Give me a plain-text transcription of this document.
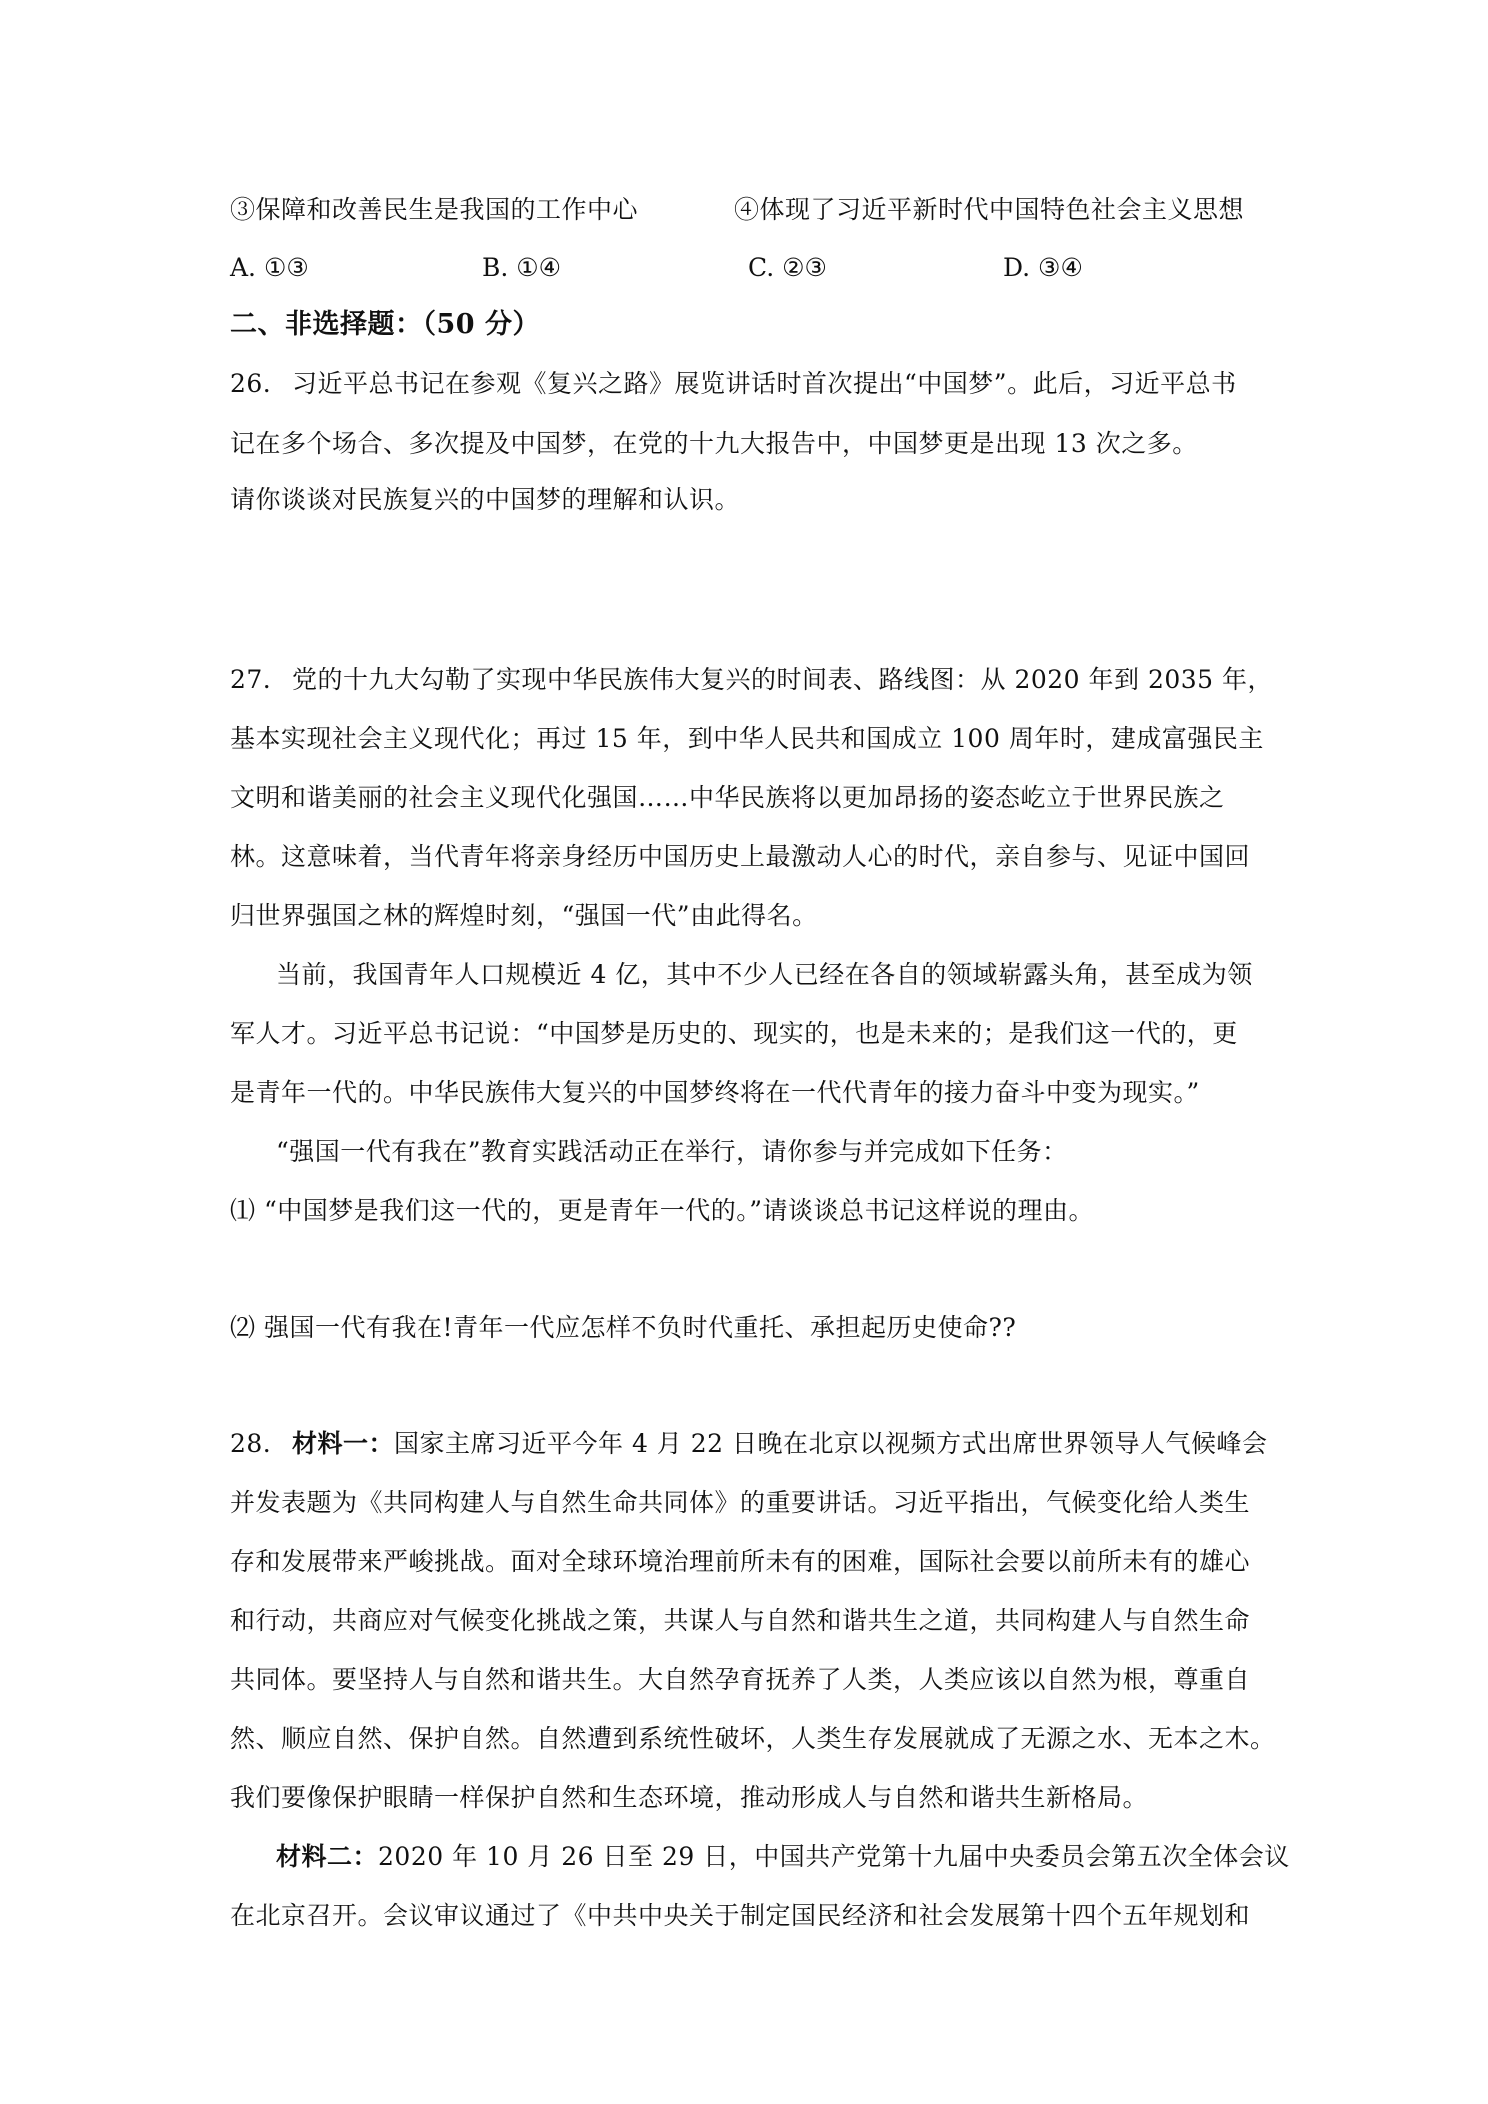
③保障和改善民生是我国的工作中心	④体现了习近平新时代中国特色社会主义思想
A. ①③	B. ①④	C. ②③	D. ③④
二、非选择题：（50 分）
26. 习近平总书记在参观《复兴之路》展览讲话时首次提出“中国梦”。此后，习近平总书
记在多个场合、多次提及中国梦，在党的十九大报告中，中国梦更是出现 13 次之多。
请你谈谈对民族复兴的中国梦的理解和认识。
27. 党的十九大勾勒了实现中华民族伟大复兴的时间表、路线图：从 2020 年到 2035 年，
基本实现社会主义现代化；再过 15 年，到中华人民共和国成立 100 周年时，建成富强民主
文明和谐美丽的社会主义现代化强国……中华民族将以更加昂扬的姿态屹立于世界民族之
林。这意味着，当代青年将亲身经历中国历史上最激动人心的时代，亲自参与、见证中国回
归世界强国之林的辉煌时刻，“强国一代”由此得名。
当前，我国青年人口规模近 4 亿，其中不少人已经在各自的领域崭露头角，甚至成为领
军人才。习近平总书记说：“中国梦是历史的、现实的，也是未来的；是我们这一代的，更
是青年一代的。中华民族伟大复兴的中国梦终将在一代代青年的接力奋斗中变为现实。”
“强国一代有我在”教育实践活动正在举行，请你参与并完成如下任务：
⑴ “中国梦是我们这一代的，更是青年一代的。”请谈谈总书记这样说的理由。
⑵ 强国一代有我在!青年一代应怎样不负时代重托、承担起历史使命??
28. 材料一：国家主席习近平今年 4 月 22 日晚在北京以视频方式出席世界领导人气候峰会
并发表题为《共同构建人与自然生命共同体》的重要讲话。习近平指出，气候变化给人类生
存和发展带来严峻挑战。面对全球环境治理前所未有的困难，国际社会要以前所未有的雄心
和行动，共商应对气候变化挑战之策，共谋人与自然和谐共生之道，共同构建人与自然生命
共同体。要坚持人与自然和谐共生。大自然孕育抚养了人类，人类应该以自然为根，尊重自
然、顺应自然、保护自然。自然遭到系统性破坏，人类生存发展就成了无源之水、无本之木。
我们要像保护眼睛一样保护自然和生态环境，推动形成人与自然和谐共生新格局。
材料二：2020 年 10 月 26 日至 29 日，中国共产党第十九届中央委员会第五次全体会议
在北京召开。会议审议通过了《中共中央关于制定国民经济和社会发展第十四个五年规划和
